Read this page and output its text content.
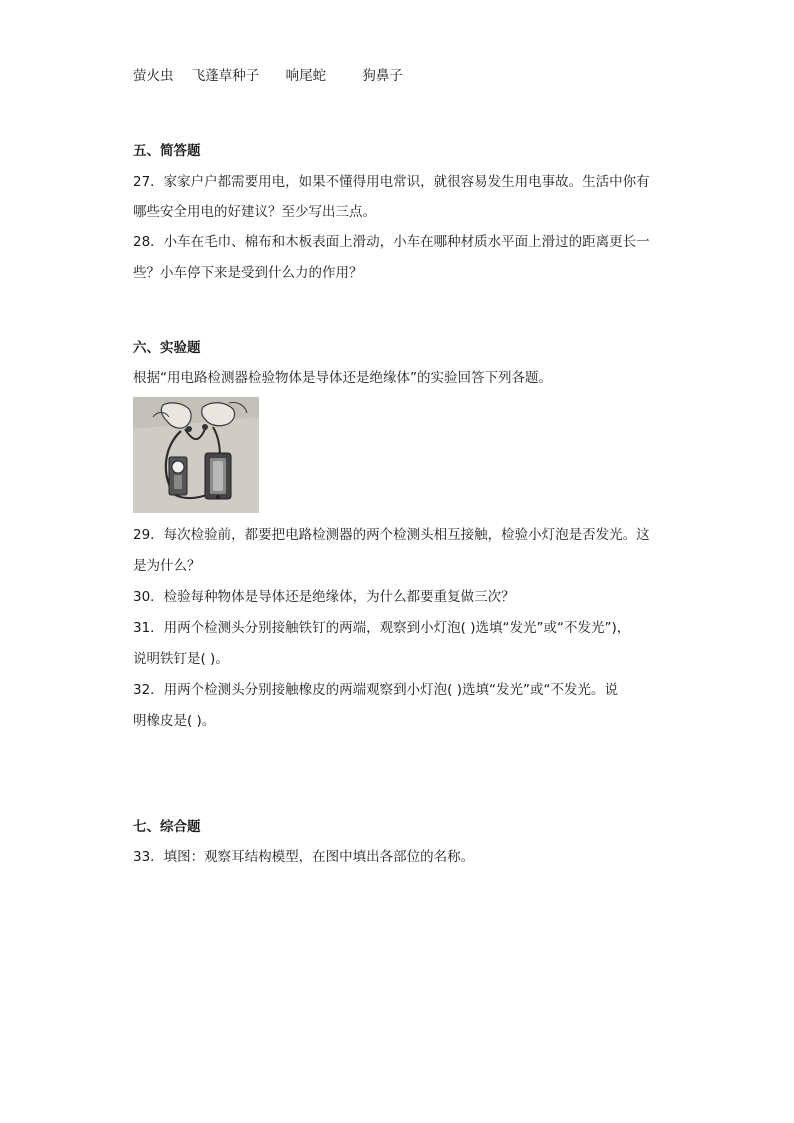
萤火虫 飞蓬草种子 响尾蛇	狗鼻子
五、简答题
27．家家户户都需要用电，如果不懂得用电常识，就很容易发生用电事故。生活中你有
哪些安全用电的好建议？至少写出三点。
28．小车在毛巾、棉布和木板表面上滑动，小车在哪种材质水平面上滑过的距离更长一
些？小车停下来是受到什么力的作用？
六、实验题
根据“用电路检测器检验物体是导体还是绝缘体”的实验回答下列各题。
29．每次检验前，都要把电路检测器的两个检测头相互接触，检验小灯泡是否发光。这
是为什么？
30．检验每种物体是导体还是绝缘体，为什么都要重复做三次？
31．用两个检测头分别接触铁钉的两端，观察到小灯泡( )选填“发光”或“不发光”)，
说明铁钉是( )。
32．用两个检测头分别接触橡皮的两端观察到小灯泡( )选填“发光”或“不发光。说
明橡皮是( )。
七、综合题
33．填图：观察耳结构模型，在图中填出各部位的名称。
